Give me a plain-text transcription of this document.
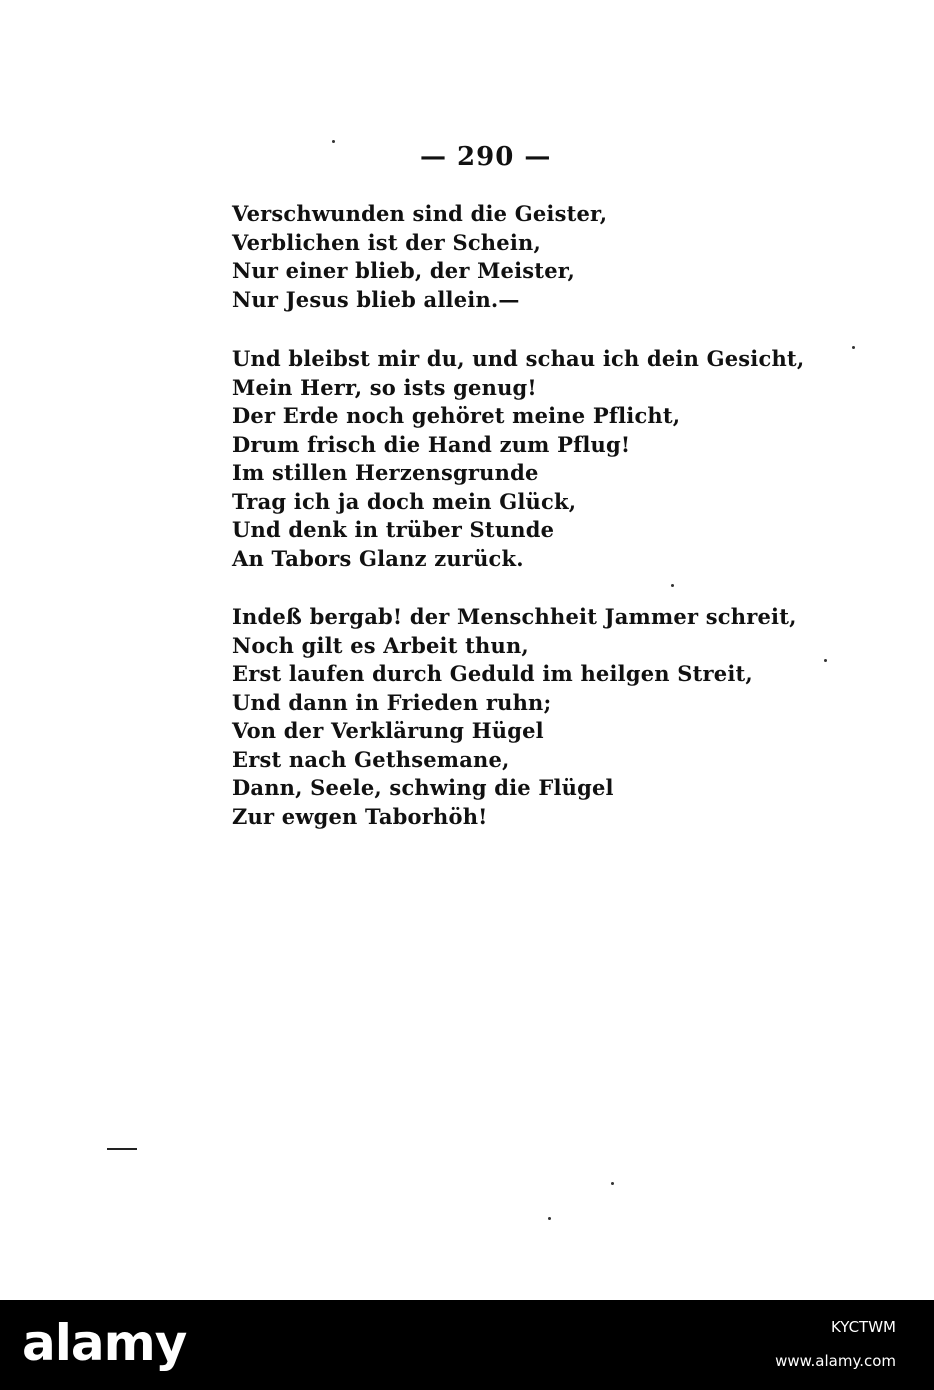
— 290 —
Verschwunden sind die Geister,
Verblichen ist der Schein,
Nur einer blieb, der Meister,
Nur Jesus blieb allein.—
Und bleibst mir du, und schau ich dein Gesicht,
Mein Herr, so ists genug!
Der Erde noch gehöret meine Pflicht,
Drum frisch die Hand zum Pflug!
Im stillen Herzensgrunde
Trag ich ja doch mein Glück,
Und denk in trüber Stunde
An Tabors Glanz zurück.
Indeß bergab! der Menschheit Jammer schreit,
Noch gilt es Arbeit thun,
Erst laufen durch Geduld im heilgen Streit,
Und dann in Frieden ruhn;
Von der Verklärung Hügel
Erst nach Gethsemane,
Dann, Seele, schwing die Flügel
Zur ewgen Taborhöh!
alamy	KYCTWM
www.alamy.com
